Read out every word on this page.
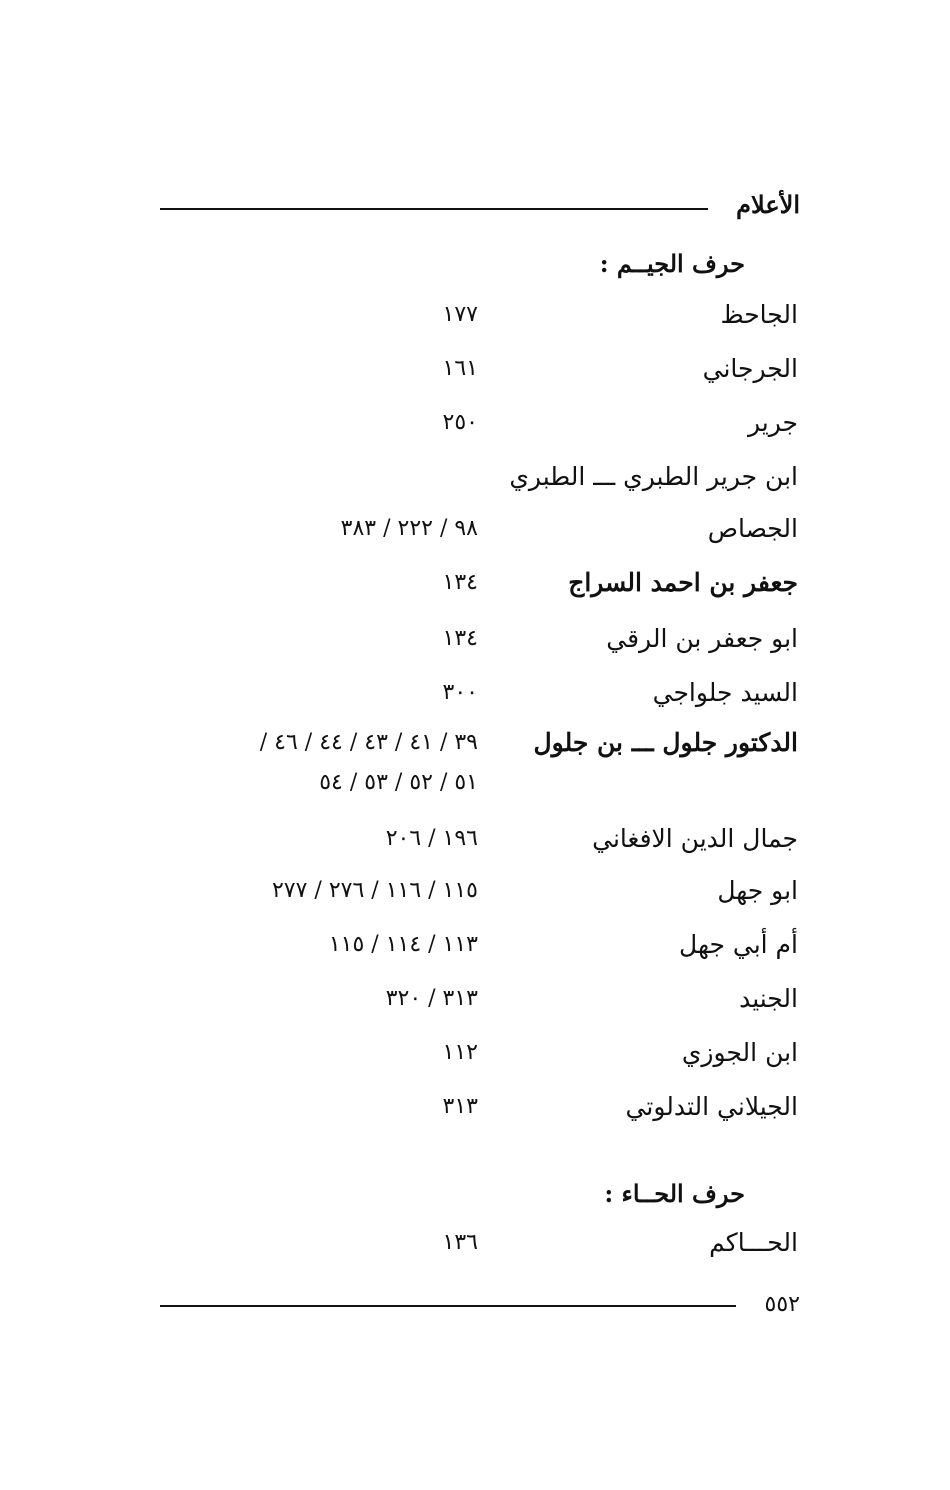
الأعلام
حرف الجيــم :
الجاحظ
١٧٧
الجرجاني
١٦١
جرير
٢٥٠
ابن جرير الطبري ـــ الطبري
الجصاص
٩٨ / ٢٢٢ / ٣٨٣
جعفر بن احمد السراج
١٣٤
ابو جعفر بن الرقي
١٣٤
السيد جلواجي
٣٠٠
الدكتور جلول ـــ بن جلول
٣٩ / ٤١ / ٤٣ / ٤٤ / ٤٦ /
٥١ / ٥٢ / ٥٣ / ٥٤
جمال الدين الافغاني
١٩٦ / ٢٠٦
ابو جهل
١١٥ / ١١٦ / ٢٧٦ / ٢٧٧
أم أبي جهل
١١٣ / ١١٤ / ١١٥
الجنيد
٣١٣ / ٣٢٠
ابن الجوزي
١١٢
الجيلاني التدلوتي
٣١٣
حرف الحــاء :
الحـــاكم
١٣٦
٥٥٢
